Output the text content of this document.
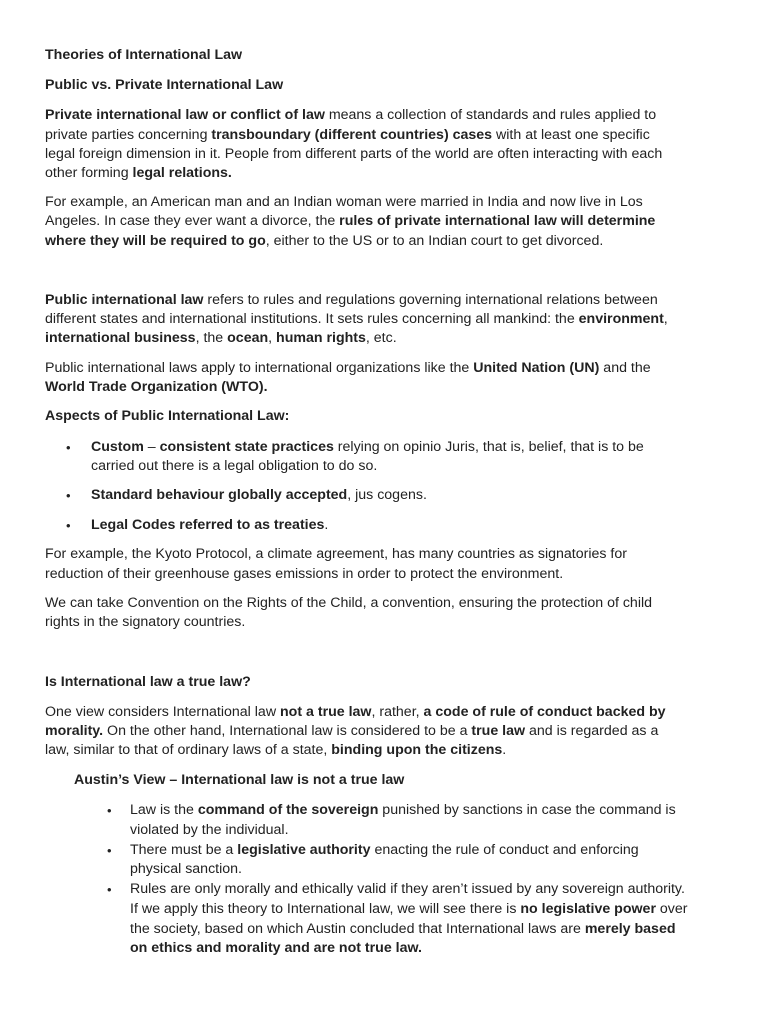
Theories of International Law
Public vs. Private International Law
Private international law or conflict of law means a collection of standards and rules applied to
private parties concerning transboundary (different countries) cases with at least one specific
legal foreign dimension in it. People from different parts of the world are often interacting with each
other forming legal relations.
For example, an American man and an Indian woman were married in India and now live in Los
Angeles. In case they ever want a divorce, the rules of private international law will determine
where they will be required to go, either to the US or to an Indian court to get divorced.
Public international law refers to rules and regulations governing international relations between
different states and international institutions. It sets rules concerning all mankind: the environment,
international business, the ocean, human rights, etc.
Public international laws apply to international organizations like the United Nation (UN) and the
World Trade Organization (WTO).
Aspects of Public International Law:
• Custom – consistent state practices relying on opinio Juris, that is, belief, that is to be
carried out there is a legal obligation to do so.
• Standard behaviour globally accepted, jus cogens.
• Legal Codes referred to as treaties.
For example, the Kyoto Protocol, a climate agreement, has many countries as signatories for
reduction of their greenhouse gases emissions in order to protect the environment.
We can take Convention on the Rights of the Child, a convention, ensuring the protection of child
rights in the signatory countries.
Is International law a true law?
One view considers International law not a true law, rather, a code of rule of conduct backed by
morality. On the other hand, International law is considered to be a true law and is regarded as a
law, similar to that of ordinary laws of a state, binding upon the citizens.
Austin’s View – International law is not a true law
• Law is the command of the sovereign punished by sanctions in case the command is
violated by the individual.
• There must be a legislative authority enacting the rule of conduct and enforcing
physical sanction.
• Rules are only morally and ethically valid if they aren’t issued by any sovereign authority.
If we apply this theory to International law, we will see there is no legislative power over
the society, based on which Austin concluded that International laws are merely based
on ethics and morality and are not true law.
